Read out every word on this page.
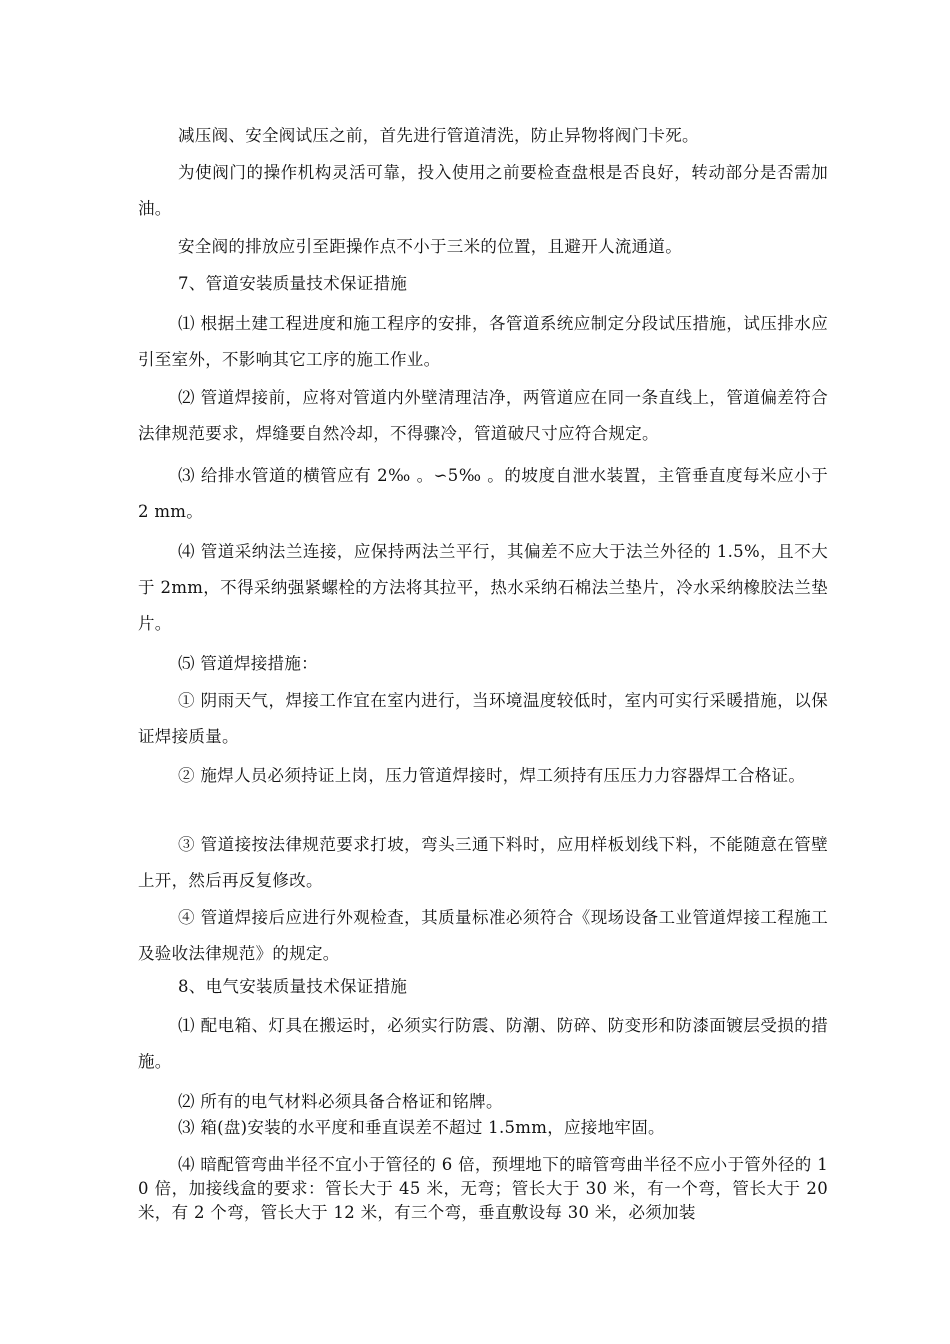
减压阀、安全阀试压之前，首先进行管道清洗，防止异物将阀门卡死。

为使阀门的操作机构灵活可靠，投入使用之前要检查盘根是否良好，转动部分是否需加油。

安全阀的排放应引至距操作点不小于三米的位置，且避开人流通道。

7、管道安装质量技术保证措施

⑴ 根据土建工程进度和施工程序的安排，各管道系统应制定分段试压措施，试压排水应引至室外，不影响其它工序的施工作业。

⑵ 管道焊接前，应将对管道内外壁清理洁净，两管道应在同一条直线上，管道偏差符合法律规范要求，焊缝要自然冷却，不得骤冷，管道破尺寸应符合规定。

⑶ 给排水管道的横管应有 2‰ 。∽5‰ 。的坡度自泄水装置，主管垂直度每米应小于 2 mm。

⑷ 管道采纳法兰连接，应保持两法兰平行，其偏差不应大于法兰外径的 1.5%，且不大于 2mm，不得采纳强紧螺栓的方法将其拉平，热水采纳石棉法兰垫片，冷水采纳橡胶法兰垫片。

⑸ 管道焊接措施：

① 阴雨天气，焊接工作宜在室内进行，当环境温度较低时，室内可实行采暖措施，以保证焊接质量。

② 施焊人员必须持证上岗，压力管道焊接时，焊工须持有压压力力容器焊工合格证。

③ 管道接按法律规范要求打坡，弯头三通下料时，应用样板划线下料，不能随意在管壁上开，然后再反复修改。

④ 管道焊接后应进行外观检查，其质量标准必须符合《现场设备工业管道焊接工程施工及验收法律规范》的规定。

8、电气安装质量技术保证措施

⑴ 配电箱、灯具在搬运时，必须实行防震、防潮、防碎、防变形和防漆面镀层受损的措施。

⑵ 所有的电气材料必须具备合格证和铭牌。

⑶ 箱(盘)安装的水平度和垂直误差不超过 1.5mm，应接地牢固。

⑷ 暗配管弯曲半径不宜小于管径的 6 倍，预埋地下的暗管弯曲半径不应小于管外径的 10 倍，加接线盒的要求：管长大于 45 米，无弯；管长大于 30 米，有一个弯，管长大于 20 米，有 2 个弯，管长大于 12 米，有三个弯，垂直敷设每 30 米，必须加装
